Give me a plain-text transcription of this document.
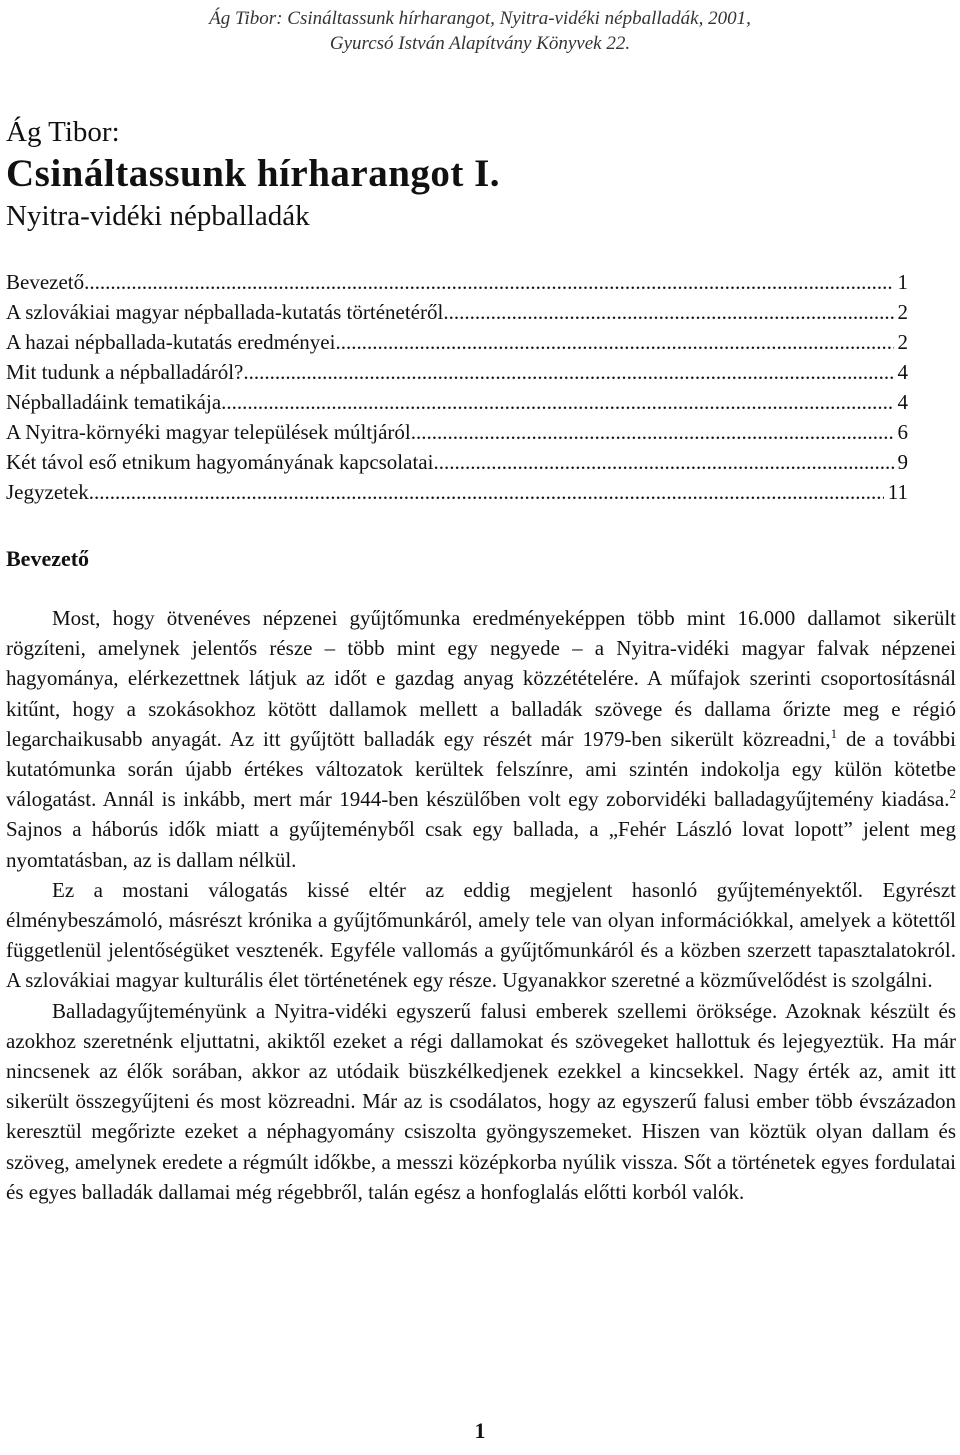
Ág Tibor: Csináltassunk hírharangot, Nyitra-vidéki népballadák, 2001,
Gyurcsó István Alapítvány Könyvek 22.
Ág Tibor:
Csináltassunk hírharangot I.
Nyitra-vidéki népballadák
Bevezető .....	1
A szlovákiai magyar népballada-kutatás történetéről .....	2
A hazai népballada-kutatás eredményei .....	2
Mit tudunk a népballadáról? .....	4
Népballadáink tematikája .....	4
A Nyitra-környéki magyar települések múltjáról .....	6
Két távol eső etnikum hagyományának kapcsolatai .....	9
Jegyzetek .....	11
Bevezető

Most, hogy ötvenéves népzenei gyűjtőmunka eredményeképpen több mint 16.000 dallamot sikerült rögzíteni, amelynek jelentős része – több mint egy negyede – a Nyitra-vidéki magyar falvak népzenei hagyománya, elérkezettnek látjuk az időt e gazdag anyag közzétételére. A műfajok szerinti csoportosításnál kitűnt, hogy a szokásokhoz kötött dallamok mellett a balladák szövege és dallama őrizte meg e régió legarchaikusabb anyagát. Az itt gyűjtött balladák egy részét már 1979-ben sikerült közreadni,$^1$ de a további kutatómunka során újabb értékes változatok kerültek felszínre, ami szintén indokolja egy külön kötetbe válogatást. Annál is inkább, mert már 1944-ben készülőben volt egy zoborvidéki balladagyűjtemény kiadása.$^2$ Sajnos a háborús idők miatt a gyűjteményből csak egy ballada, a „Fehér László lovat lopott” jelent meg nyomtatásban, az is dallam nélkül.

Ez a mostani válogatás kissé eltér az eddig megjelent hasonló gyűjteményektől. Egyrészt élménybeszámoló, másrészt krónika a gyűjtőmunkáról, amely tele van olyan információkkal, amelyek a kötettől függetlenül jelentőségüket vesztenék. Egyféle vallomás a gyűjtőmunkáról és a közben szerzett tapasztalatokról. A szlovákiai magyar kulturális élet történetének egy része. Ugyanakkor szeretné a közművelődést is szolgálni.

Balladagyűjteményünk a Nyitra-vidéki egyszerű falusi emberek szellemi öröksége. Azoknak készült és azokhoz szeretnénk eljuttatni, akiktől ezeket a régi dallamokat és szövegeket hallottuk és lejegyeztük. Ha már nincsenek az élők sorában, akkor az utódaik büszkélkedjenek ezekkel a kincsekkel. Nagy érték az, amit itt sikerült összegyűjteni és most közreadni. Már az is csodálatos, hogy az egyszerű falusi ember több évszázadon keresztül megőrizte ezeket a néphagyomány csiszolta gyöngyszemeket. Hiszen van köztük olyan dallam és szöveg, amelynek eredete a régmúlt időkbe, a messzi középkorba nyúlik vissza. Sőt a történetek egyes fordulatai és egyes balladák dallamai még régebbről, talán egész a honfoglalás előtti korból valók.

1
